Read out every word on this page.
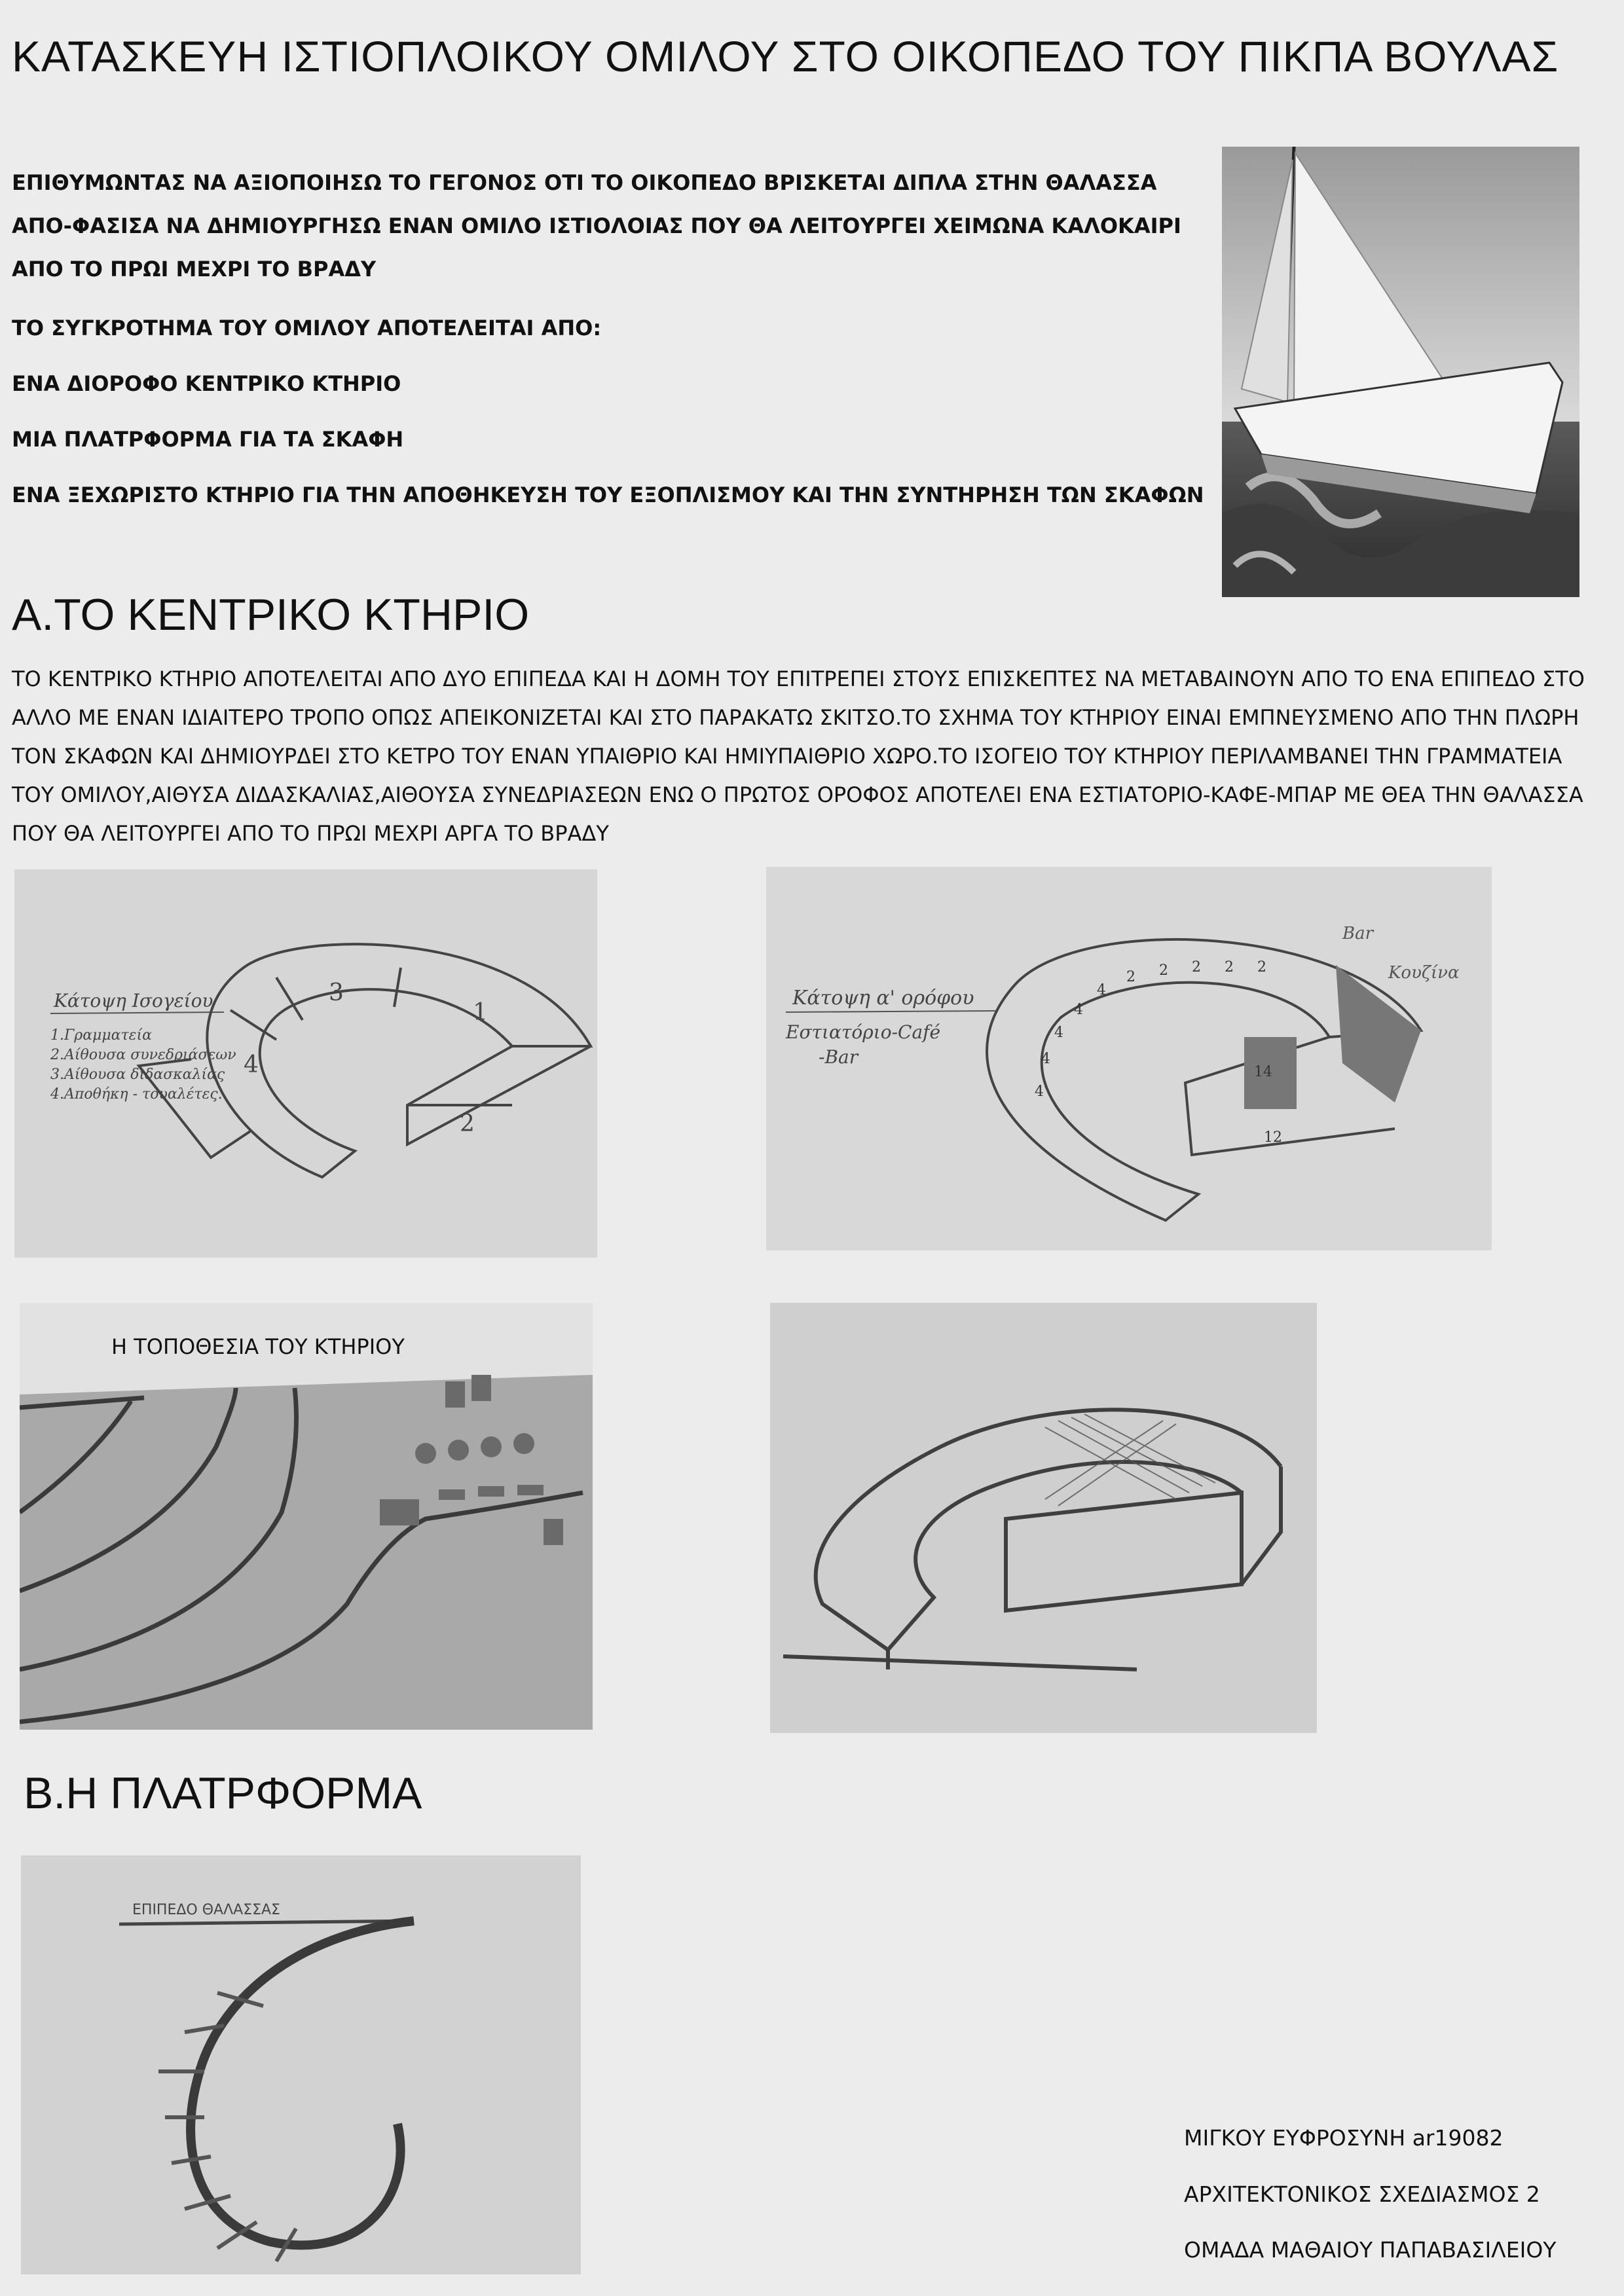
ΚΑΤΑΣΚΕΥΗ ΙΣΤΙΟΠΛΟΙΚΟΥ ΟΜΙΛΟΥ ΣΤΟ ΟΙΚΟΠΕΔΟ ΤΟΥ ΠΙΚΠΑ ΒΟΥΛΑΣ
ΕΠΙΘΥΜΩΝΤΑΣ ΝΑ ΑΞΙΟΠΟΙΗΣΩ ΤΟ ΓΕΓΟΝΟΣ ΟΤΙ ΤΟ ΟΙΚΟΠΕΔΟ ΒΡΙΣΚΕΤΑΙ ΔΙΠΛΑ ΣΤΗΝ ΘΑΛΑΣΣΑ ΑΠΟ-ΦΑΣΙΣΑ ΝΑ ΔΗΜΙΟΥΡΓΗΣΩ ΕΝΑΝ ΟΜΙΛΟ ΙΣΤΙΟΛΟΙΑΣ ΠΟΥ ΘΑ ΛΕΙΤΟΥΡΓΕΙ ΧΕΙΜΩΝΑ ΚΑΛΟΚΑΙΡΙ ΑΠΟ ΤΟ ΠΡΩΙ ΜΕΧΡΙ ΤΟ ΒΡΑΔΥ
ΤΟ ΣΥΓΚΡΟΤΗΜΑ ΤΟΥ ΟΜΙΛΟΥ ΑΠΟΤΕΛΕΙΤΑΙ ΑΠΟ:
ΕΝΑ ΔΙΟΡΟΦΟ ΚΕΝΤΡΙΚΟ ΚΤΗΡΙΟ
ΜΙΑ ΠΛΑΤΡΦΟΡΜΑ ΓΙΑ ΤΑ ΣΚΑΦΗ
ΕΝΑ ΞΕΧΩΡΙΣΤΟ ΚΤΗΡΙΟ ΓΙΑ ΤΗΝ ΑΠΟΘΗΚΕΥΣΗ ΤΟΥ ΕΞΟΠΛΙΣΜΟΥ ΚΑΙ ΤΗΝ ΣΥΝΤΗΡΗΣΗ ΤΩΝ ΣΚΑΦΩΝ
Α.ΤΟ ΚΕΝΤΡΙΚΟ ΚΤΗΡΙΟ
ΤΟ ΚΕΝΤΡΙΚΟ ΚΤΗΡΙΟ ΑΠΟΤΕΛΕΙΤΑΙ ΑΠΟ ΔΥΟ ΕΠΙΠΕΔΑ ΚΑΙ Η ΔΟΜΗ ΤΟΥ ΕΠΙΤΡΕΠΕΙ ΣΤΟΥΣ ΕΠΙΣΚΕΠΤΕΣ ΝΑ ΜΕΤΑΒΑΙΝΟΥΝ ΑΠΟ ΤΟ ΕΝΑ ΕΠΙΠΕΔΟ ΣΤΟ ΑΛΛΟ ΜΕ ΕΝΑΝ ΙΔΙΑΙΤΕΡΟ ΤΡΟΠΟ ΟΠΩΣ ΑΠΕΙΚΟΝΙΖΕΤΑΙ ΚΑΙ ΣΤΟ ΠΑΡΑΚΑΤΩ ΣΚΙΤΣΟ.ΤΟ ΣΧΗΜΑ ΤΟΥ ΚΤΗΡΙΟΥ ΕΙΝΑΙ ΕΜΠΝΕΥΣΜΕΝΟ ΑΠΟ ΤΗΝ ΠΛΩΡΗ ΤΟΝ ΣΚΑΦΩΝ ΚΑΙ ΔΗΜΙΟΥΡΔΕΙ ΣΤΟ ΚΕΤΡΟ ΤΟΥ ΕΝΑΝ ΥΠΑΙΘΡΙΟ ΚΑΙ ΗΜΙΥΠΑΙΘΡΙΟ ΧΩΡΟ.ΤΟ ΙΣΟΓΕΙΟ ΤΟΥ ΚΤΗΡΙΟΥ ΠΕΡΙΛΑΜΒΑΝΕΙ ΤΗΝ ΓΡΑΜΜΑΤΕΙΑ ΤΟΥ ΟΜΙΛΟΥ,ΑΙΘΥΣΑ ΔΙΔΑΣΚΑΛΙΑΣ,ΑΙΘΟΥΣΑ ΣΥΝΕΔΡΙΑΣΕΩΝ ΕΝΩ Ο ΠΡΩΤΟΣ ΟΡΟΦΟΣ ΑΠΟΤΕΛΕΙ ΕΝΑ ΕΣΤΙΑΤΟΡΙΟ-ΚΑΦΕ-ΜΠΑΡ ΜΕ ΘΕΑ ΤΗΝ ΘΑΛΑΣΣΑ ΠΟΥ ΘΑ ΛΕΙΤΟΥΡΓΕΙ ΑΠΟ ΤΟ ΠΡΩΙ ΜΕΧΡΙ ΑΡΓΑ ΤΟ ΒΡΑΔΥ
Κάτοψη Ισογείου
1.Γραμματεία
2.Αίθουσα συνεδριάσεων
3.Αίθουσα διδασκαλίας
4.Αποθήκη - τουαλέτες.
1
2
3
4
Κάτοψη α' ορόφου
Εστιατόριο-Café
-Bar
Bar
Κουζίνα
4
4
4
4
4
2 2 2 2 2
14
12
Η ΤΟΠΟΘΕΣΙΑ ΤΟΥ ΚΤΗΡΙΟΥ
Β.Η ΠΛΑΤΡΦΟΡΜΑ
ΕΠΙΠΕΔΟ ΘΑΛΑΣΣΑΣ
ΜΙΓΚΟΥ ΕΥΦΡΟΣΥΝΗ ar19082
ΑΡΧΙΤΕΚΤΟΝΙΚΟΣ ΣΧΕΔΙΑΣΜΟΣ 2
ΟΜΑΔΑ ΜΑΘΑΙΟΥ ΠΑΠΑΒΑΣΙΛΕΙΟΥ
